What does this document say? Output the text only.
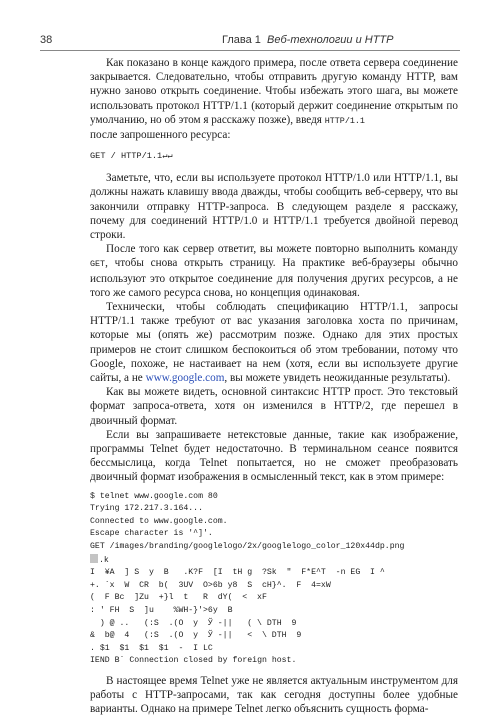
38	Глава 1 Веб-технологии и HTTP

Как показано в конце каждого примера, после ответа сервера соединение закрывается. Следовательно, чтобы отправить другую команду HTTP, вам нужно заново открыть соединение. Чтобы избежать этого шага, вы можете использовать протокол HTTP/1.1 (который держит соединение открытым по умолчанию, но об этом я расскажу позже), введя HTTP/1.1
после запрошенного ресурса:

GET / HTTP/1.1↵↵

Заметьте, что, если вы используете протокол HTTP/1.0 или HTTP/1.1, вы должны нажать клавишу ввода дважды, чтобы сообщить веб-серверу, что вы закончили отправку HTTP-запроса. В следующем разделе я расскажу, почему для соединений HTTP/1.0 и HTTP/1.1 требуется двойной перевод строки.

После того как сервер ответит, вы можете повторно выполнить команду GET, чтобы снова открыть страницу. На практике веб-браузеры обычно используют это открытое соединение для получения других ресурсов, а не того же самого ресурса снова, но концепция одинаковая.

Технически, чтобы соблюдать спецификацию HTTP/1.1, запросы HTTP/1.1 также требуют от вас указания заголовка хоста по причинам, которые мы (опять же) рассмотрим позже. Однако для этих простых примеров не стоит слишком беспокоиться об этом требовании, потому что Google, похоже, не настаивает на нем (хотя, если вы используете другие сайты, а не www.google.com, вы можете увидеть неожиданные результаты).

Как вы можете видеть, основной синтаксис HTTP прост. Это текстовый формат запроса-ответа, хотя он изменился в HTTP/2, где перешел в двоичный формат.

Если вы запрашиваете нетекстовые данные, такие как изображение, программы Telnet будет недостаточно. В терминальном сеансе появится бессмыслица, когда Telnet попытается, но не сможет преобразовать двоичный формат изображения в осмысленный текст, как в этом примере:

$ telnet www.google.com 80
Trying 172.217.3.164...
Connected to www.google.com.
Escape character is '^]'.
GET /images/branding/googlelogo/2x/googlelogo_color_120x44dp.png
.k
I  ¥A  ] S  y  B   .K?F  [I  tH g  ?Sk  "  F*E^T  -n EG  I ^
+. `x  W  CR  b(  3UV  O>6b y8  S  cH}^.  F  4=xW
(  F Bc  ]Zu  +}l  t   R  dY(  <  xF
: ' FH  S  ]u    %WH-}'>6y  B
) @ ..   (:S  .(O  y  Ў -||   ( \ DTH  9
&  b@  4   (:S  .(O  y  Ў -||   <  \ DTH  9
. $1  $1  $1  $1  -  I LC
IEND B` Connection closed by foreign host.

В настоящее время Telnet уже не является актуальным инструментом для работы с HTTP-запросами, так как сегодня доступны более удобные варианты. Однако на примере Telnet легко объяснить сущность форма-
